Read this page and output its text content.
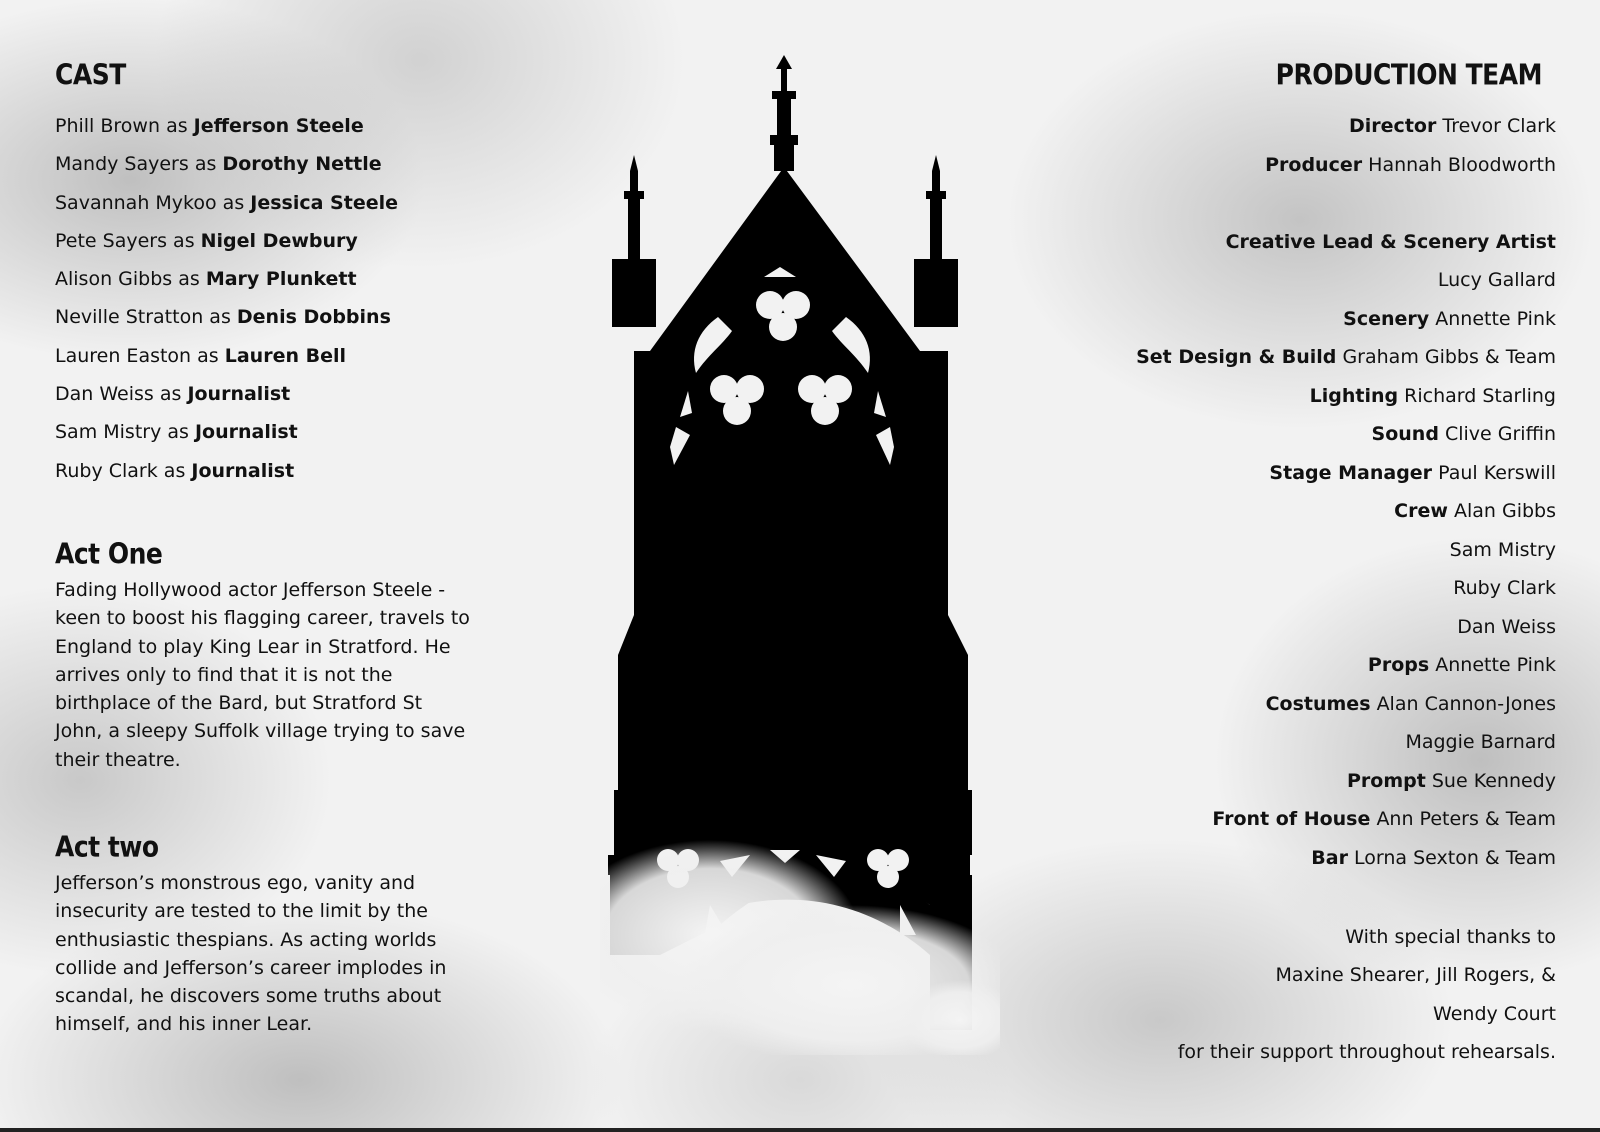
CAST
Phill Brown as Jefferson Steele
Mandy Sayers as Dorothy Nettle
Savannah Mykoo as Jessica Steele
Pete Sayers as Nigel Dewbury
Alison Gibbs as Mary Plunkett
Neville Stratton as Denis Dobbins
Lauren Easton as Lauren Bell
Dan Weiss as Journalist
Sam Mistry as Journalist
Ruby Clark as Journalist
Act One

Fading Hollywood actor Jefferson Steele - keen to boost his flagging career, travels to England to play King Lear in Stratford. He arrives only to find that it is not the birthplace of the Bard, but Stratford St John, a sleepy Suffolk village trying to save their theatre.

Act two

Jefferson’s monstrous ego, vanity and insecurity are tested to the limit by the enthusiastic thespians. As acting worlds collide and Jefferson’s career implodes in scandal, he discovers some truths about himself, and his inner Lear.

PRODUCTION TEAM
Director Trevor Clark
Producer Hannah Bloodworth
Creative Lead & Scenery Artist
Lucy Gallard
Scenery Annette Pink
Set Design & Build Graham Gibbs & Team
Lighting Richard Starling
Sound Clive Griffin
Stage Manager Paul Kerswill
Crew Alan Gibbs
Sam Mistry
Ruby Clark
Dan Weiss
Props Annette Pink
Costumes Alan Cannon-Jones
Maggie Barnard
Prompt Sue Kennedy
Front of House Ann Peters & Team
Bar Lorna Sexton & Team
With special thanks to
Maxine Shearer, Jill Rogers, &
Wendy Court
for their support throughout rehearsals.
